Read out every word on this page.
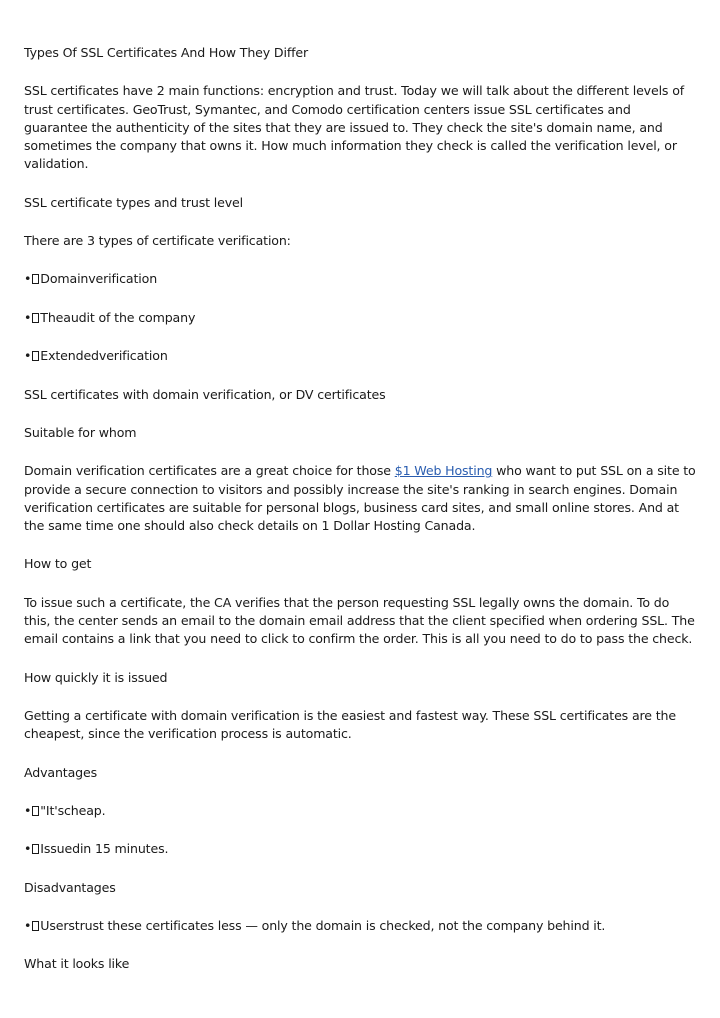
Types Of SSL Certificates And How They Differ

SSL certificates have 2 main functions: encryption and trust. Today we will talk about the different levels of trust certificates. GeoTrust, Symantec, and Comodo certification centers issue SSL certificates and guarantee the authenticity of the sites that they are issued to. They check the site's domain name, and sometimes the company that owns it. How much information they check is called the verification level, or validation.

SSL certificate types and trust level

There are 3 types of certificate verification:

• Domainverification

• Theaudit of the company

• Extendedverification

SSL certificates with domain verification, or DV certificates

Suitable for whom

Domain verification certificates are a great choice for those $1 Web Hosting who want to put SSL on a site to provide a secure connection to visitors and possibly increase the site's ranking in search engines. Domain verification certificates are suitable for personal blogs, business card sites, and small online stores. And at the same time one should also check details on 1 Dollar Hosting Canada.

How to get

To issue such a certificate, the CA verifies that the person requesting SSL legally owns the domain. To do this, the center sends an email to the domain email address that the client specified when ordering SSL. The email contains a link that you need to click to confirm the order. This is all you need to do to pass the check.

How quickly it is issued

Getting a certificate with domain verification is the easiest and fastest way. These SSL certificates are the cheapest, since the verification process is automatic.

Advantages

• "It'scheap.

• Issuedin 15 minutes.

Disadvantages

• Userstrust these certificates less — only the domain is checked, not the company behind it.

What it looks like
